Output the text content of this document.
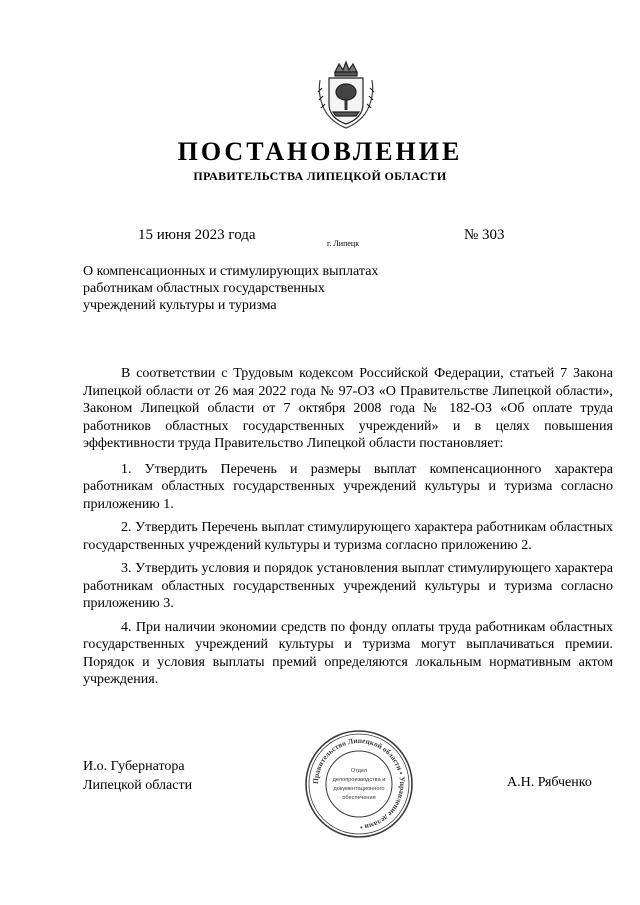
ПОСТАНОВЛЕНИЕ
ПРАВИТЕЛЬСТВА ЛИПЕЦКОЙ ОБЛАСТИ
15 июня 2023 года
г. Липецк
№ 303
О компенсационных и стимулирующих выплатах
работникам областных государственных
учреждений культуры и туризма

В соответствии с Трудовым кодексом Российской Федерации, статьей 7 Закона Липецкой области от 26 мая 2022 года № 97-ОЗ «О Правительстве Липецкой области», Законом Липецкой области от 7 октября 2008 года № 182-ОЗ «Об оплате труда работников областных государственных учреждений» и в целях повышения эффективности труда Правительство Липецкой области постановляет:

1. Утвердить Перечень и размеры выплат компенсационного характера работникам областных государственных учреждений культуры и туризма согласно приложению 1.

2. Утвердить Перечень выплат стимулирующего характера работникам областных государственных учреждений культуры и туризма согласно приложению 2.

3. Утвердить условия и порядок установления выплат стимулирующего характера работникам областных государственных учреждений культуры и туризма согласно приложению 3.

4. При наличии экономии средств по фонду оплаты труда работникам областных государственных учреждений культуры и туризма могут выплачиваться премии. Порядок и условия выплаты премий определяются локальным нормативным актом учреждения.

И.о. Губернатора
Липецкой области	А.Н. Рябченко
Правительство Липецкой области • Управление делами •
Отдел
делопроизводства и
документационного
обеспечения
